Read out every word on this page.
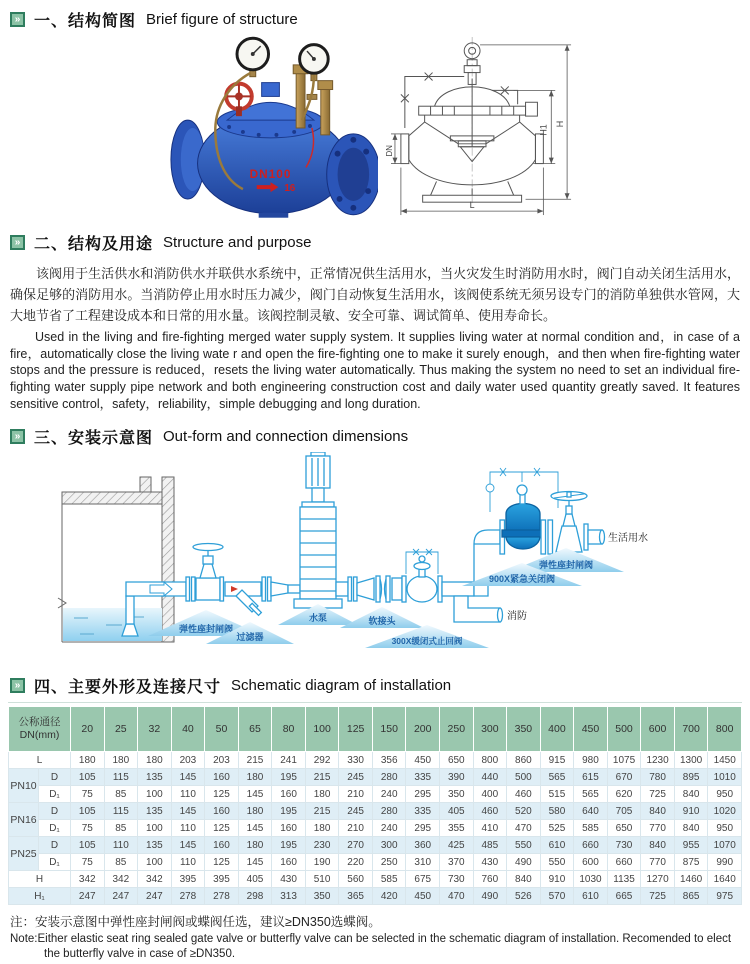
» 一、结构简图 Brief figure of structure
DN100
16
H1
H
DN
L
» 二、结构及用途 Structure and purpose

该阀用于生活供水和消防供水并联供水系统中，正常情况供生活用水，当火灾发生时消防用水时，阀门自动关闭生活用水，确保足够的消防用水。当消防停止用水时压力减少，阀门自动恢复生活用水，该阀使系统无须另设专门的消防单独供水管网，大大地节省了工程建设成本和日常的用水量。该阀控制灵敏、安全可靠、调试简单、使用寿命长。

Used in the living and fire-fighting merged water supply system. It supplies living water at normal condition and，in case of a fire，automatically close the living wate r and open the fire-fighting one to make it surely enough，and then when fire-fighting water stops and the pressure is reduced，resets the living water automatically. Thus making the system no need to set an individual fire-fighting water supply pipe network and both engineering construction cost and daily water used quantity greatly saved. It features sensitive control，safety，reliability，simple debugging and long duration.

» 三、安装示意图 Out-form and connection dimensions
弹性座封闸阀
900X紧急关闭阀
弹性座封闸阀
过滤器
水泵	软接头
300X缓闭式止回阀
生活用水
消防
» 四、主要外形及连接尺寸 Schematic diagram of installation
公称通径
DN(mm)		20	25	32	40	50	65	80	100	125	150	200	250	300	350	400	450	500	600	700	800
L		180	180	180	203	203	215	241	292	330	356	450	650	800	860	915	980	1075	1230	1300	1450
PN10	D	105	115	135	145	160	180	195	215	245	280	335	390	440	500	565	615	670	780	895	1010
	D₁	75	85	100	110	125	145	160	180	210	240	295	350	400	460	515	565	620	725	840	950
PN16	D	105	115	135	145	160	180	195	215	245	280	335	405	460	520	580	640	705	840	910	1020
	D₁	75	85	100	110	125	145	160	180	210	240	295	355	410	470	525	585	650	770	840	950
PN25	D	105	110	135	145	160	180	195	230	270	300	360	425	485	550	610	660	730	840	955	1070
	D₁	75	85	100	110	125	145	160	190	220	250	310	370	430	490	550	600	660	770	875	990
H		342	342	342	395	395	405	430	510	560	585	675	730	760	840	910	1030	1135	1270	1460	1640
H₁		247	247	247	278	278	298	313	350	365	420	450	470	490	526	570	610	665	725	865	975
注：安装示意图中弹性座封闸阀或蝶阀任选，建议≥DN350选蝶阀。
Note:Either elastic seat ring sealed gate valve or butterfly valve can be selected in the schematic diagram of installation. Recomended to elect the butterfly valve in case of ≥DN350.
